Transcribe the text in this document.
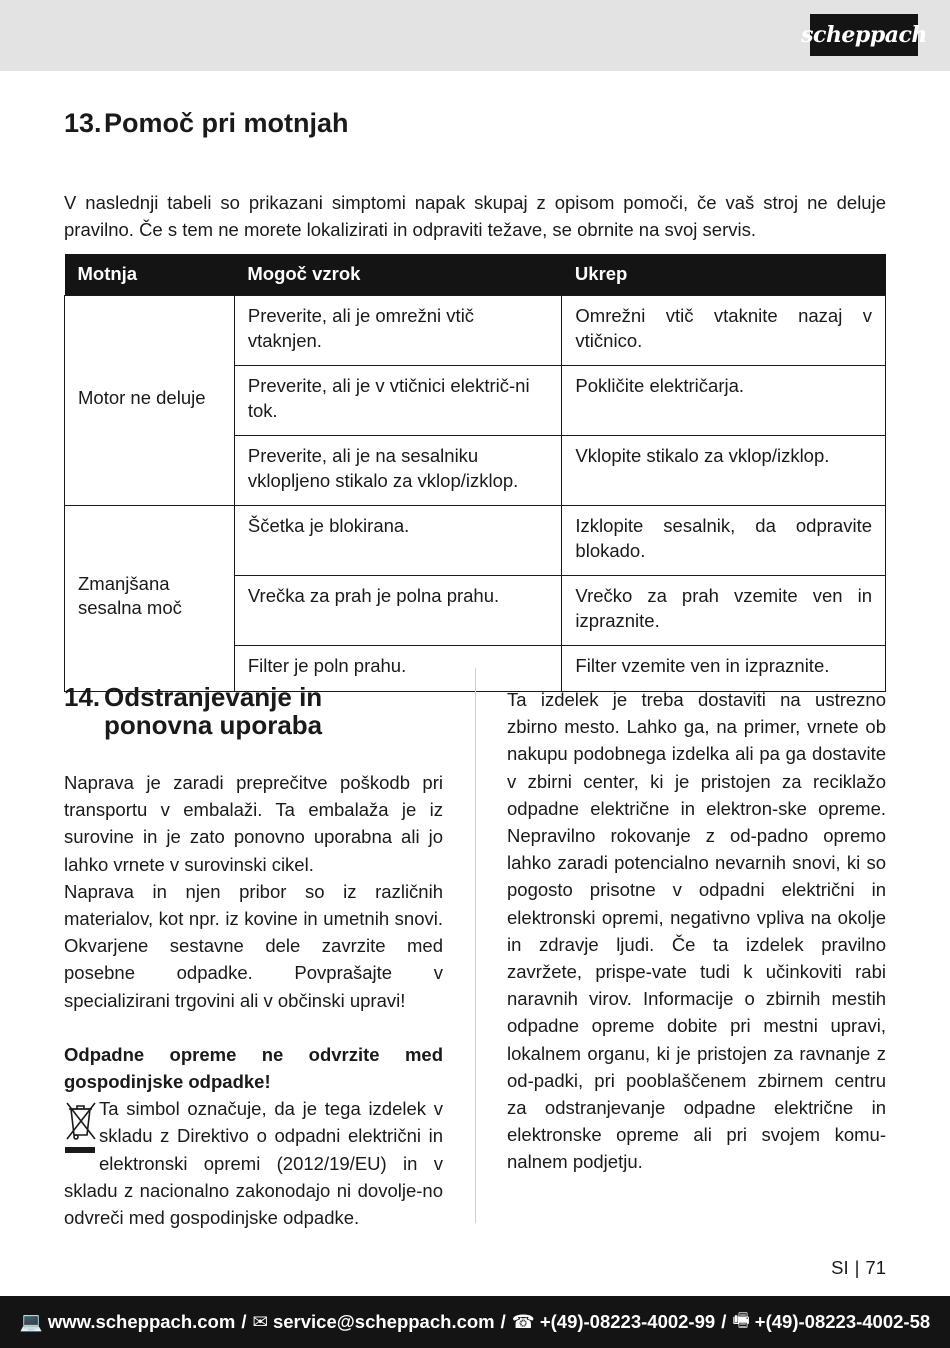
scheppach
13.Pomoč pri motnjah

V naslednji tabeli so prikazani simptomi napak skupaj z opisom pomoči, če vaš stroj ne deluje pravilno. Če s tem ne morete lokalizirati in odpraviti težave, se obrnite na svoj servis.

Motnja	Mogoč vzrok	Ukrep
Motor ne deluje	Preverite, ali je omrežni vtič vtaknjen.	Omrežni vtič vtaknite nazaj v vtičnico.
	Preverite, ali je v vtičnici električ-ni tok.	Pokličite električarja.
	Preverite, ali je na sesalniku vklopljeno stikalo za vklop/izklop.	Vklopite stikalo za vklop/izklop.
Zmanjšana sesalna moč	Ščetka je blokirana.	Izklopite sesalnik, da odpravite blokado.
	Vrečka za prah je polna prahu.	Vrečko za prah vzemite ven in izpraznite.
	Filter je poln prahu.	Filter vzemite ven in izpraznite.
14. Odstranjevanje in ponovna uporaba

Naprava je zaradi preprečitve poškodb pri transportu v embalaži. Ta embalaža je iz surovine in je zato ponovno uporabna ali jo lahko vrnete v surovinski cikel.

Naprava in njen pribor so iz različnih materialov, kot npr. iz kovine in umetnih snovi. Okvarjene sestavne dele zavrzite med posebne odpadke. Povprašajte v specializirani trgovini ali v občinski upravi!

Odpadne opreme ne odvrzite med gospodinjske odpadke!

Ta simbol označuje, da je tega izdelek v skladu z Direktivo o odpadni električni in elektronski opremi (2012/19/EU) in v skladu z nacionalno zakonodajo ni dovolje-no odvreči med gospodinjske odpadke.

Ta izdelek je treba dostaviti na ustrezno zbirno mesto. Lahko ga, na primer, vrnete ob nakupu podobnega izdelka ali pa ga dostavite v zbirni center, ki je pristojen za reciklažo odpadne električne in elektron-ske opreme. Nepravilno rokovanje z od-padno opremo lahko zaradi potencialno nevarnih snovi, ki so pogosto prisotne v odpadni električni in elektronski opremi, negativno vpliva na okolje in zdravje ljudi. Če ta izdelek pravilno zavržete, prispe-vate tudi k učinkoviti rabi naravnih virov. Informacije o zbirnih mestih odpadne opreme dobite pri mestni upravi, lokalnem organu, ki je pristojen za ravnanje z od-padki, pri pooblaščenem zbirnem centru za odstranjevanje odpadne električne in elektronske opreme ali pri svojem komu-nalnem podjetju.

SI | 71
💻 www.scheppach.com / ✉ service@scheppach.com / ☎ +(49)-08223-4002-99 / 🖷 +(49)-08223-4002-58
